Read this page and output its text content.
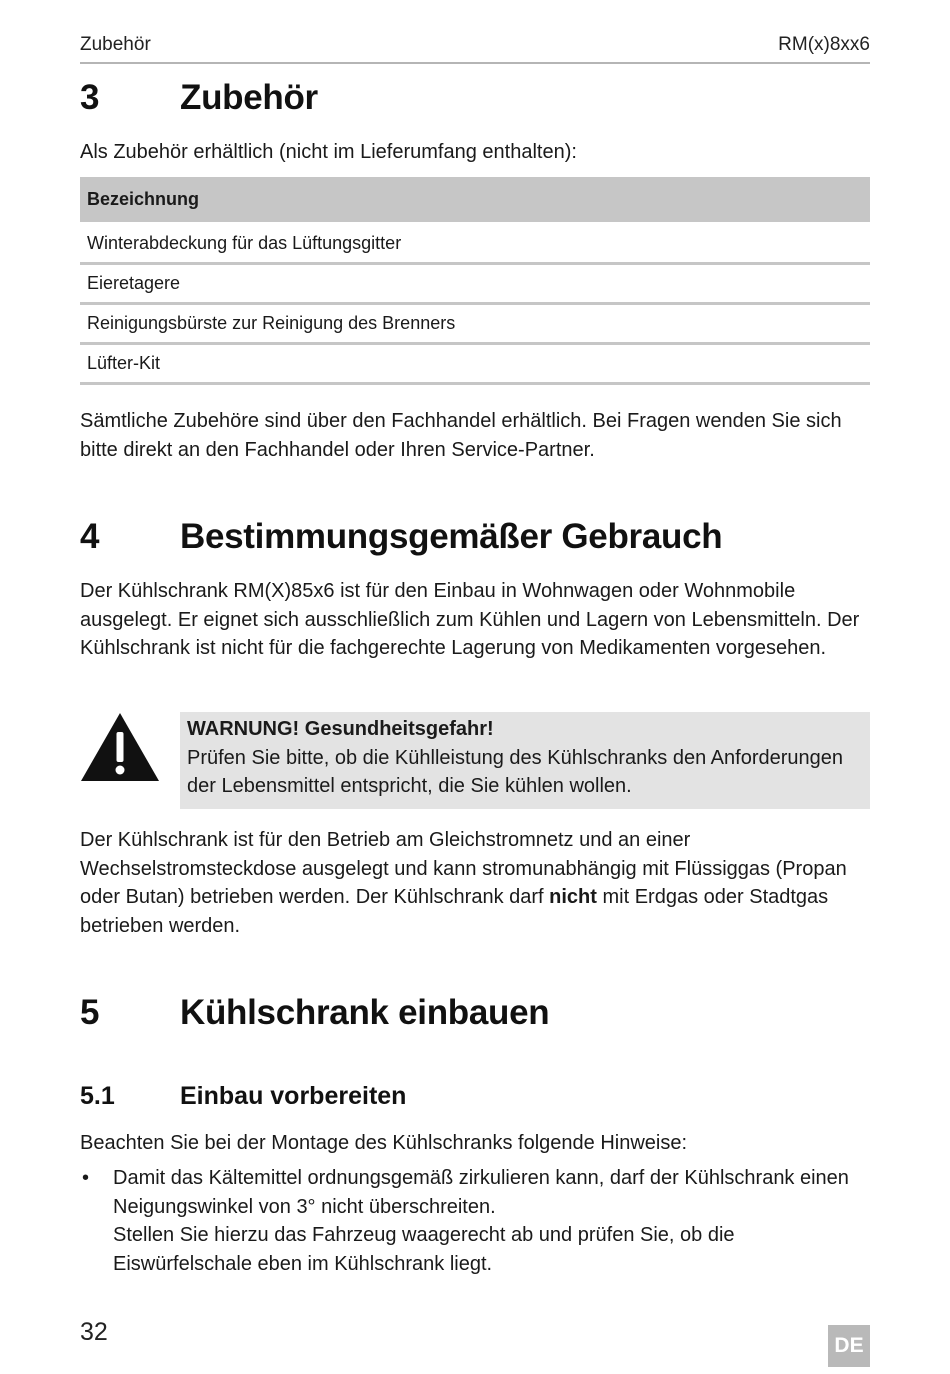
Zubehör	RM(x)8xx6
3 Zubehör

Als Zubehör erhältlich (nicht im Lieferumfang enthalten):

Bezeichnung
Winterabdeckung für das Lüftungsgitter
Eieretagere
Reinigungsbürste zur Reinigung des Brenners
Lüfter-Kit

Sämtliche Zubehöre sind über den Fachhandel erhältlich. Bei Fragen wenden Sie sich bitte direkt an den Fachhandel oder Ihren Service-Partner.

4 Bestimmungsgemäßer Gebrauch

Der Kühlschrank RM(X)85x6 ist für den Einbau in Wohnwagen oder Wohnmobile ausgelegt. Er eignet sich ausschließlich zum Kühlen und Lagern von Lebensmitteln. Der Kühlschrank ist nicht für die fachgerechte Lagerung von Medikamenten vorgesehen.

WARNUNG! Gesundheitsgefahr!
Prüfen Sie bitte, ob die Kühlleistung des Kühlschranks den Anforderungen der Lebensmittel entspricht, die Sie kühlen wollen.

Der Kühlschrank ist für den Betrieb am Gleichstromnetz und an einer Wechselstromsteckdose ausgelegt und kann stromunabhängig mit Flüssiggas (Propan oder Butan) betrieben werden. Der Kühlschrank darf nicht mit Erdgas oder Stadtgas betrieben werden.

5 Kühlschrank einbauen
5.1	Einbau vorbereiten

Beachten Sie bei der Montage des Kühlschranks folgende Hinweise:

• Damit das Kältemittel ordnungsgemäß zirkulieren kann, darf der Kühlschrank einen Neigungswinkel von 3° nicht überschreiten.
Stellen Sie hierzu das Fahrzeug waagerecht ab und prüfen Sie, ob die Eiswürfelschale eben im Kühlschrank liegt.
32	DE
